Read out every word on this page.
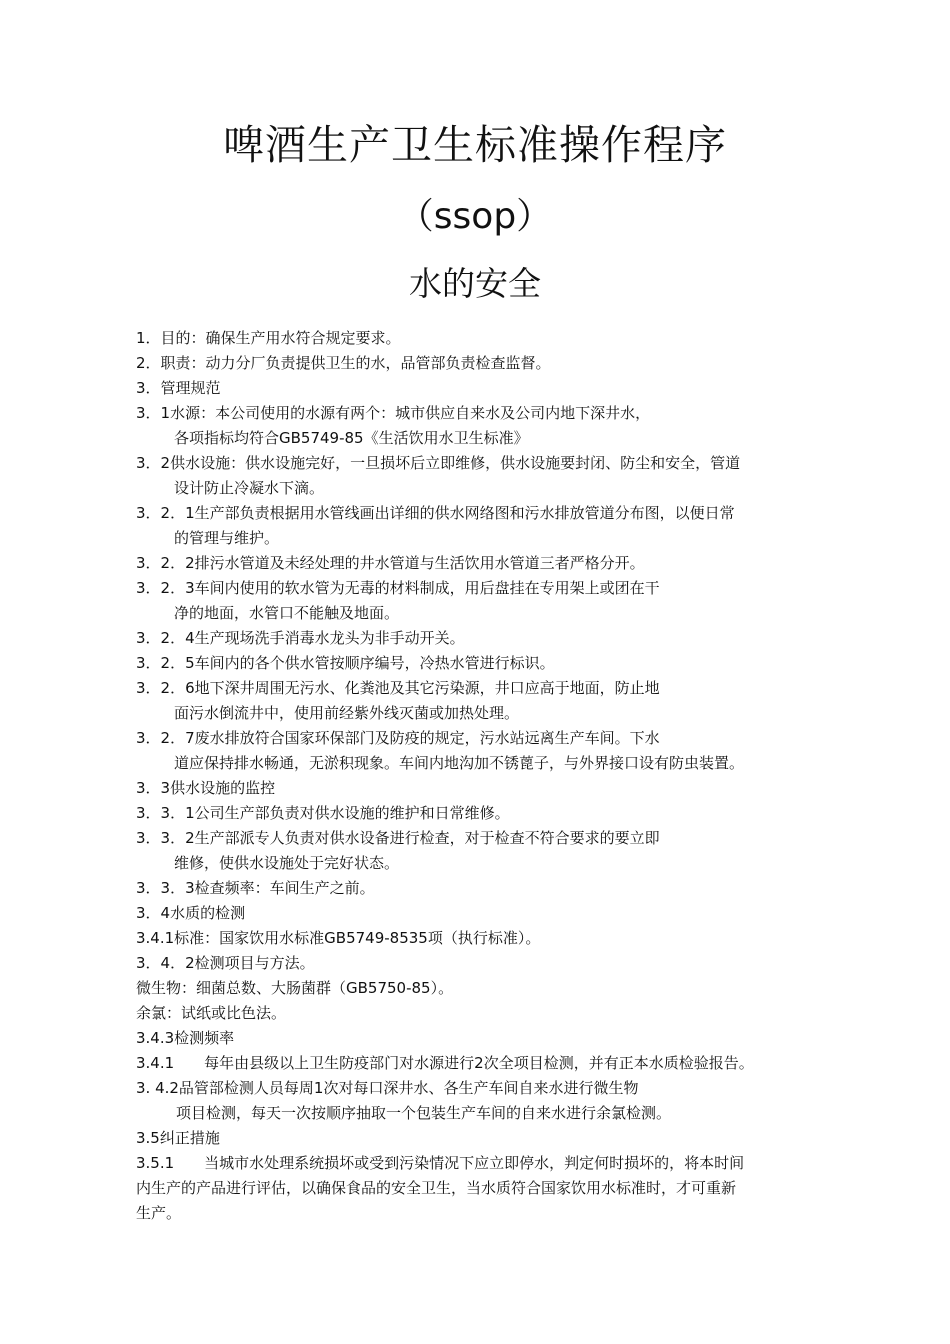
啤酒生产卫生标准操作程序
（ssop）
水的安全
1．目的：确保生产用水符合规定要求。
2．职责：动力分厂负责提供卫生的水，品管部负责检查监督。
3．管理规范
3．1水源：本公司使用的水源有两个：城市供应自来水及公司内地下深井水，
各项指标均符合GB5749-85《生活饮用水卫生标准》
3．2供水设施：供水设施完好，一旦损坏后立即维修，供水设施要封闭、防尘和安全，管道
设计防止冷凝水下滴。
3．2．1生产部负责根据用水管线画出详细的供水网络图和污水排放管道分布图，以便日常
的管理与维护。
3．2．2排污水管道及未经处理的井水管道与生活饮用水管道三者严格分开。
3．2．3车间内使用的软水管为无毒的材料制成，用后盘挂在专用架上或团在干
净的地面，水管口不能触及地面。
3．2．4生产现场洗手消毒水龙头为非手动开关。
3．2．5车间内的各个供水管按顺序编号，冷热水管进行标识。
3．2．6地下深井周围无污水、化粪池及其它污染源，井口应高于地面，防止地
面污水倒流井中，使用前经紫外线灭菌或加热处理。
3．2．7废水排放符合国家环保部门及防疫的规定，污水站远离生产车间。下水
道应保持排水畅通，无淤积现象。车间内地沟加不锈蓖子，与外界接口设有防虫装置。
3．3供水设施的监控
3．3．1公司生产部负责对供水设施的维护和日常维修。
3．3．2生产部派专人负责对供水设备进行检查，对于检查不符合要求的要立即
维修，使供水设施处于完好状态。
3．3．3检查频率：车间生产之前。
3．4水质的检测
3.4.1标准：国家饮用水标准GB5749-8535项（执行标准）。
3．4．2检测项目与方法。
微生物：细菌总数、大肠菌群（GB5750-85）。
余氯：试纸或比色法。
3.4.3检测频率
3.4.1　　每年由县级以上卫生防疫部门对水源进行2次全项目检测，并有正本水质检验报告。
3. 4.2品管部检测人员每周1次对每口深井水、各生产车间自来水进行微生物
项目检测，每天一次按顺序抽取一个包装生产车间的自来水进行余氯检测。
3.5纠正措施
3.5.1　　当城市水处理系统损坏或受到污染情况下应立即停水，判定何时损坏的，将本时间
内生产的产品进行评估，以确保食品的安全卫生，当水质符合国家饮用水标准时，才可重新
生产。
